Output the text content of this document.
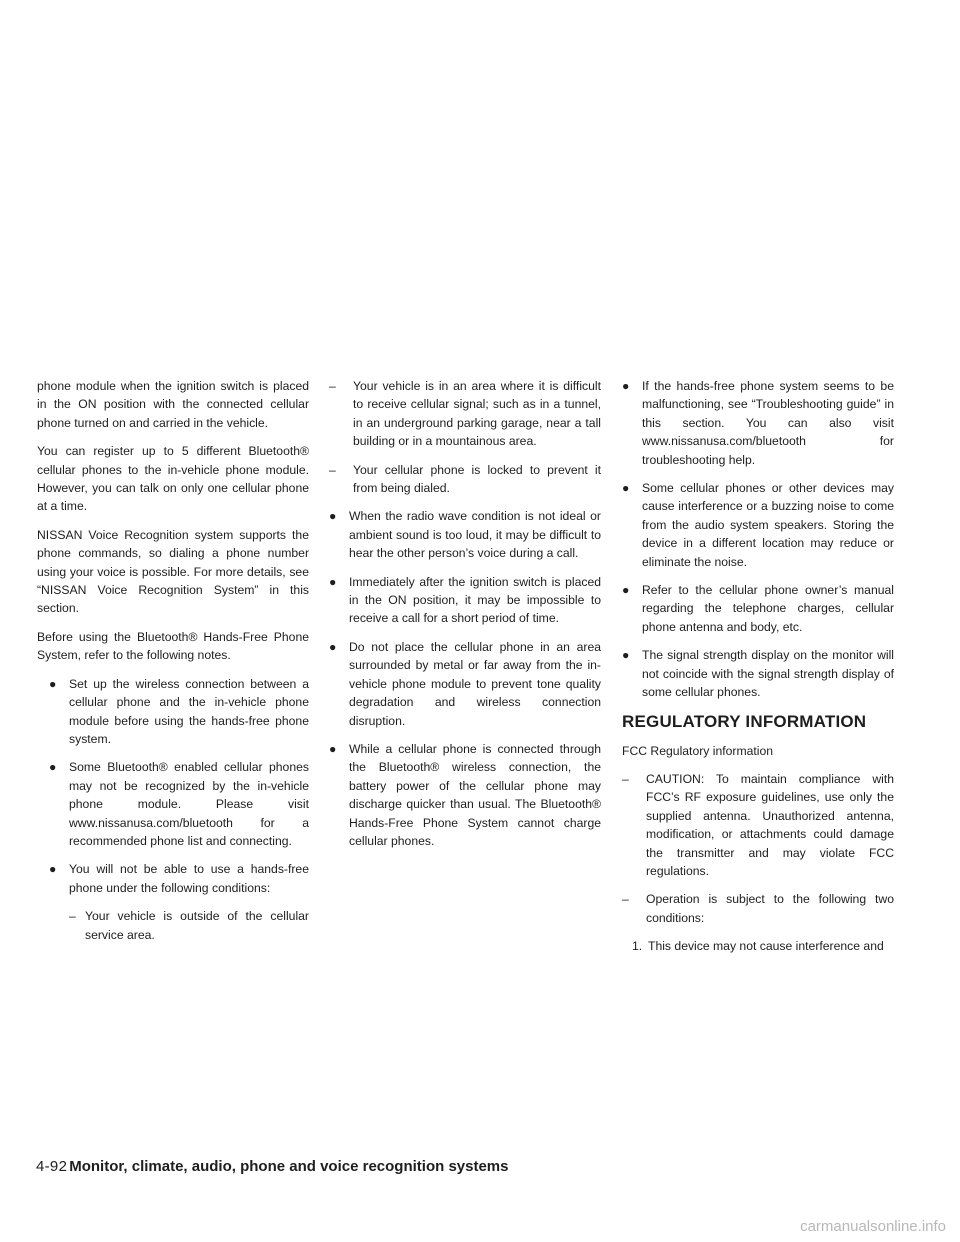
phone module when the ignition switch is placed in the ON position with the connected cellular phone turned on and carried in the vehicle.

You can register up to 5 different Bluetooth® cellular phones to the in-vehicle phone module. However, you can talk on only one cellular phone at a time.

NISSAN Voice Recognition system supports the phone commands, so dialing a phone number using your voice is possible. For more details, see “NISSAN Voice Recognition System” in this section.

Before using the Bluetooth® Hands-Free Phone System, refer to the following notes.

● Set up the wireless connection between a cellular phone and the in-vehicle phone module before using the hands-free phone system.
● Some Bluetooth® enabled cellular phones may not be recognized by the in-vehicle phone module. Please visit www.nissanusa.com/bluetooth for a recommended phone list and connecting.
● You will not be able to use a hands-free phone under the following conditions:
– Your vehicle is outside of the cellular service area.
– Your vehicle is in an area where it is difficult to receive cellular signal; such as in a tunnel, in an underground parking garage, near a tall building or in a mountainous area.
– Your cellular phone is locked to prevent it from being dialed.
● When the radio wave condition is not ideal or ambient sound is too loud, it may be difficult to hear the other person’s voice during a call.
● Immediately after the ignition switch is placed in the ON position, it may be impossible to receive a call for a short period of time.
● Do not place the cellular phone in an area surrounded by metal or far away from the in-vehicle phone module to prevent tone quality degradation and wireless connection disruption.
● While a cellular phone is connected through the Bluetooth® wireless connection, the battery power of the cellular phone may discharge quicker than usual. The Bluetooth® Hands-Free Phone System cannot charge cellular phones.
● If the hands-free phone system seems to be malfunctioning, see “Troubleshooting guide” in this section. You can also visit www.nissanusa.com/bluetooth for troubleshooting help.
● Some cellular phones or other devices may cause interference or a buzzing noise to come from the audio system speakers. Storing the device in a different location may reduce or eliminate the noise.
● Refer to the cellular phone owner’s manual regarding the telephone charges, cellular phone antenna and body, etc.
● The signal strength display on the monitor will not coincide with the signal strength display of some cellular phones.
REGULATORY INFORMATION

FCC Regulatory information

– CAUTION: To maintain compliance with FCC’s RF exposure guidelines, use only the supplied antenna. Unauthorized antenna, modification, or attachments could damage the transmitter and may violate FCC regulations.
– Operation is subject to the following two conditions:
1. This device may not cause interference and
4-92 Monitor, climate, audio, phone and voice recognition systems
carmanualsonline.info
